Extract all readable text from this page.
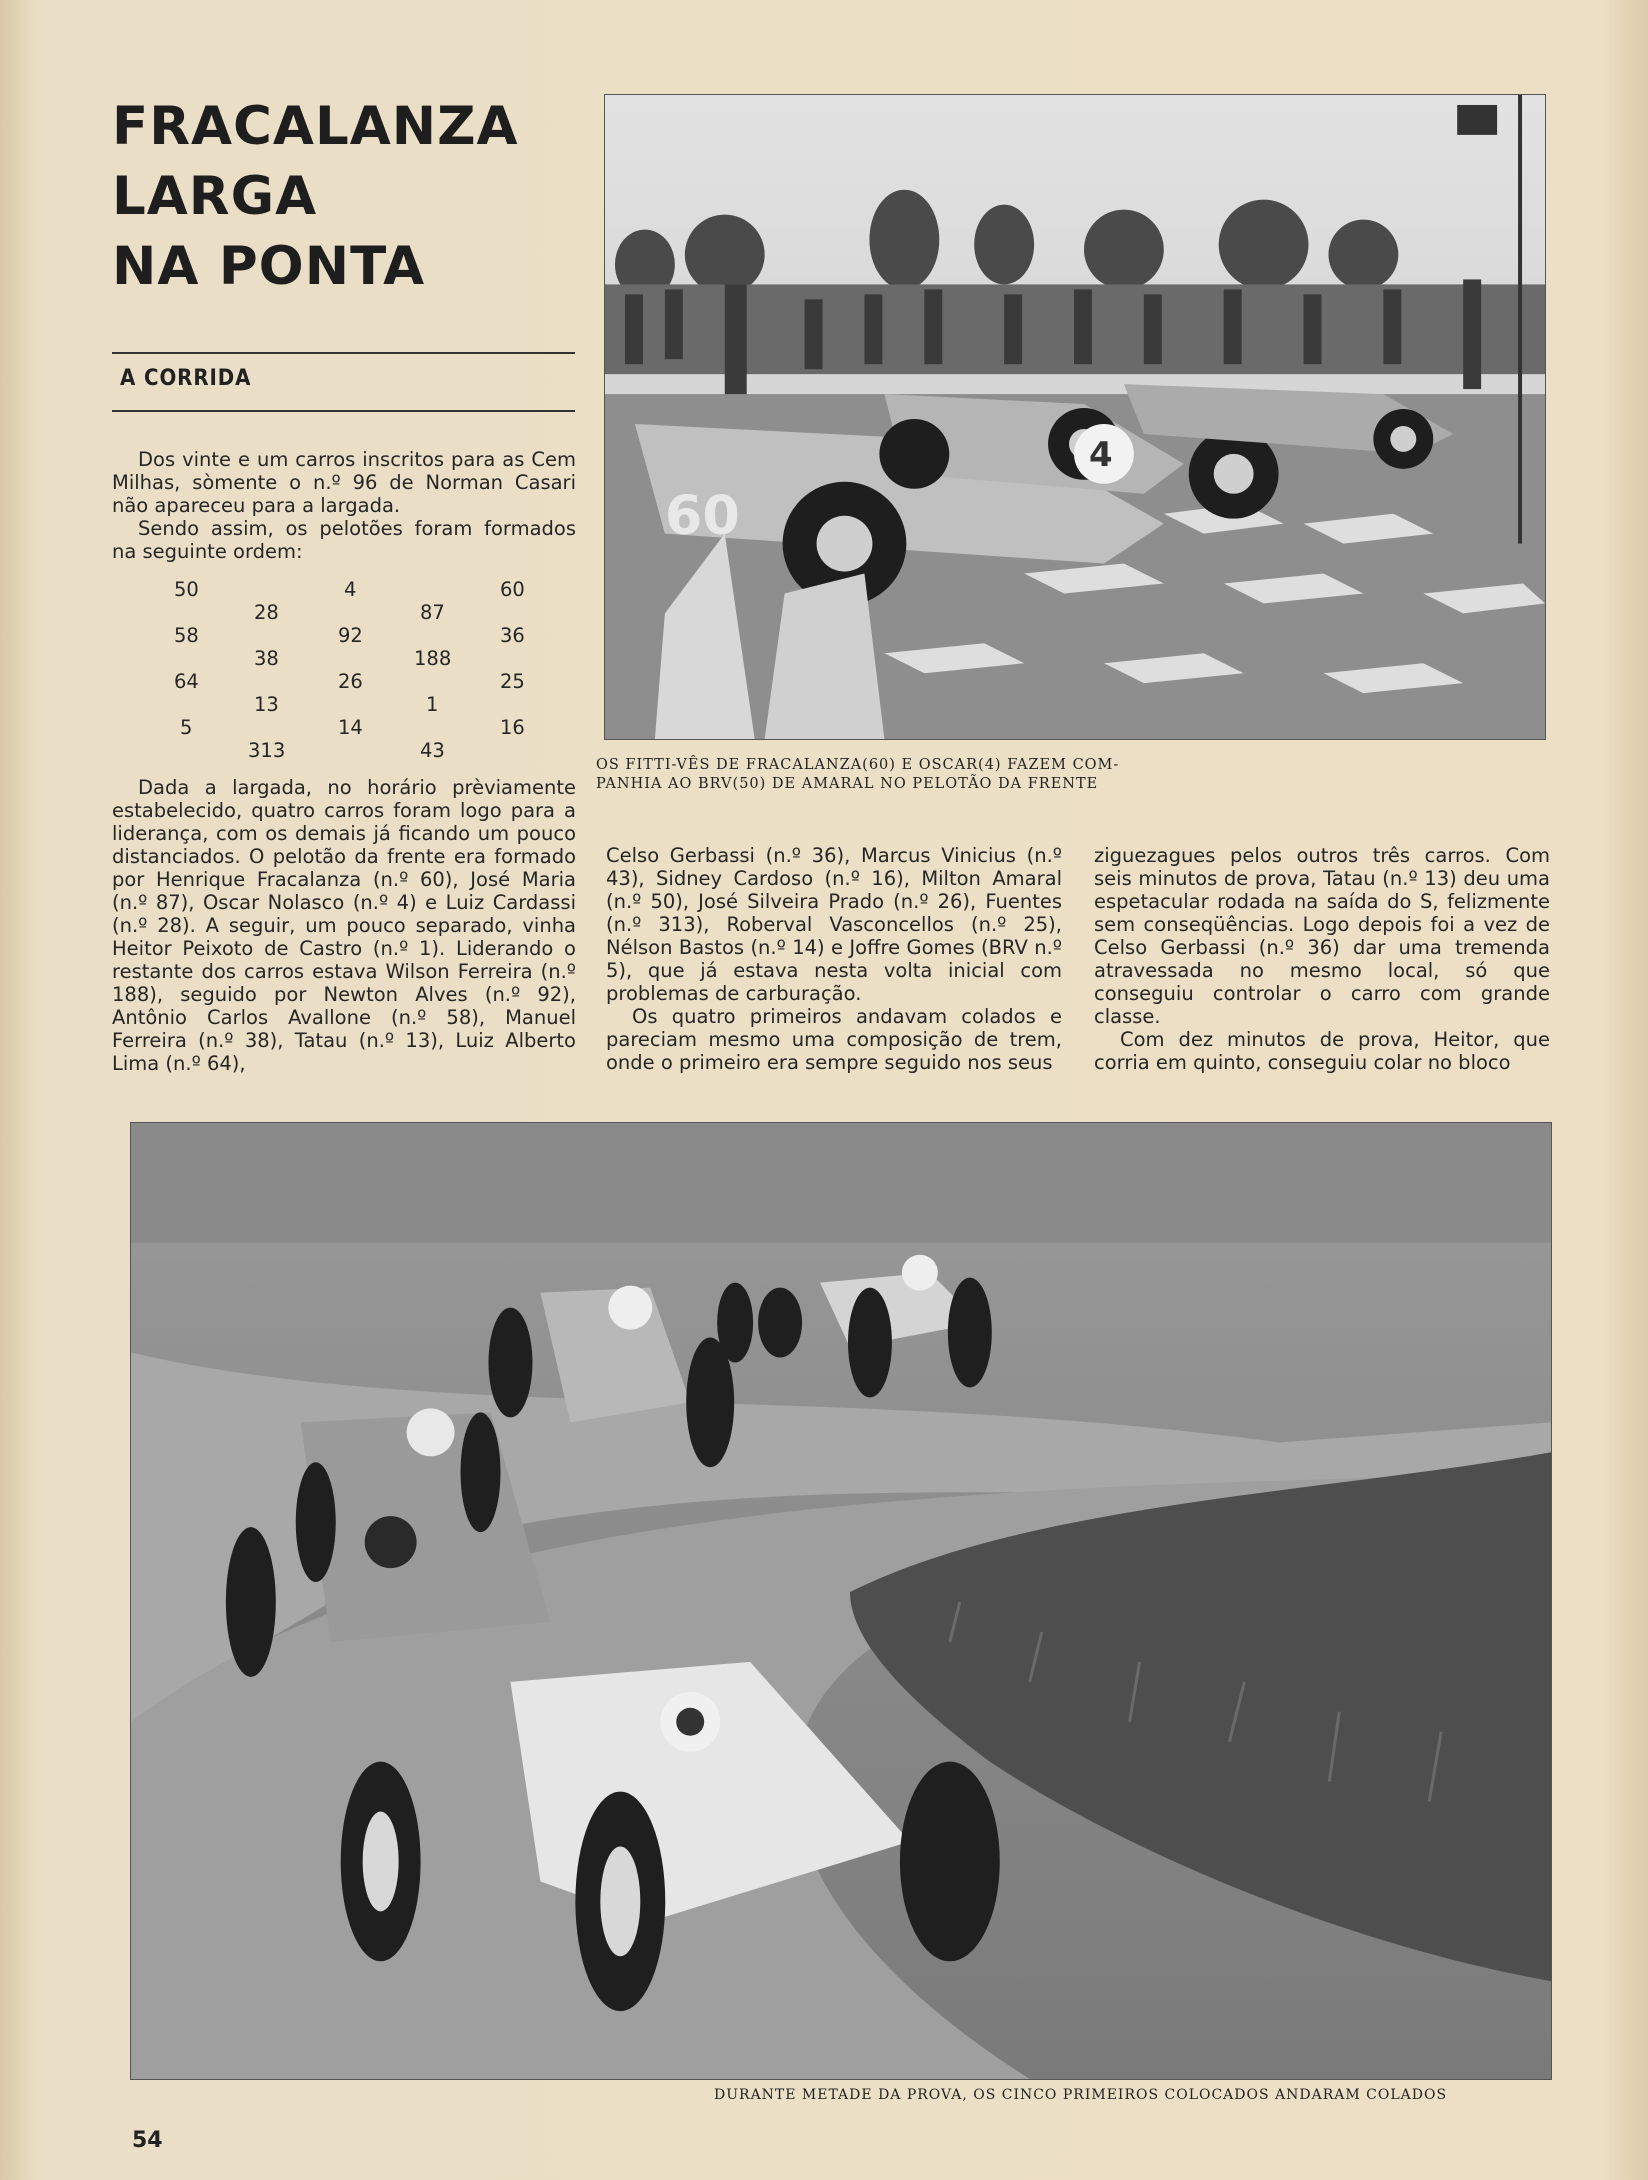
FRACALANZA
LARGA
NA PONTA
A CORRIDA

Dos vinte e um carros inscritos para as Cem Milhas, sòmente o n.º 96 de Norman Casari não apareceu para a largada.

Sendo assim, os pelotões foram formados na seguinte ordem:

50	4	60
28	87
58	92	36
38	188
64	26	25
13	1
5	14	16
313	43

Dada a largada, no horário prèviamente estabelecido, quatro carros foram logo para a liderança, com os demais já ficando um pouco distanciados. O pelotão da frente era formado por Henrique Fracalanza (n.º 60), José Maria (n.º 87), Oscar Nolasco (n.º 4) e Luiz Cardassi (n.º 28). A seguir, um pouco separado, vinha Heitor Peixoto de Castro (n.º 1). Liderando o restante dos carros estava Wilson Ferreira (n.º 188), seguido por Newton Alves (n.º 92), Antônio Carlos Avallone (n.º 58), Manuel Ferreira (n.º 38), Tatau (n.º 13), Luiz Alberto Lima (n.º 64),

4
60
OS FITTI-VÊS DE FRACALANZA(60) E OSCAR(4) FAZEM COM-
PANHIA AO BRV(50) DE AMARAL NO PELOTÃO DA FRENTE

Celso Gerbassi (n.º 36), Marcus Vinicius (n.º 43), Sidney Cardoso (n.º 16), Milton Amaral (n.º 50), José Silveira Prado (n.º 26), Fuentes (n.º 313), Roberval Vasconcellos (n.º 25), Nélson Bastos (n.º 14) e Joffre Gomes (BRV n.º 5), que já estava nesta volta inicial com problemas de carburação.

Os quatro primeiros andavam colados e pareciam mesmo uma composição de trem, onde o primeiro era sempre seguido nos seus

ziguezagues pelos outros três carros. Com seis minutos de prova, Tatau (n.º 13) deu uma espetacular rodada na saída do S, felizmente sem conseqüências. Logo depois foi a vez de Celso Gerbassi (n.º 36) dar uma tremenda atravessada no mesmo local, só que conseguiu controlar o carro com grande classe.

Com dez minutos de prova, Heitor, que corria em quinto, conseguiu colar no bloco

DURANTE METADE DA PROVA, OS CINCO PRIMEIROS COLOCADOS ANDARAM COLADOS
54
